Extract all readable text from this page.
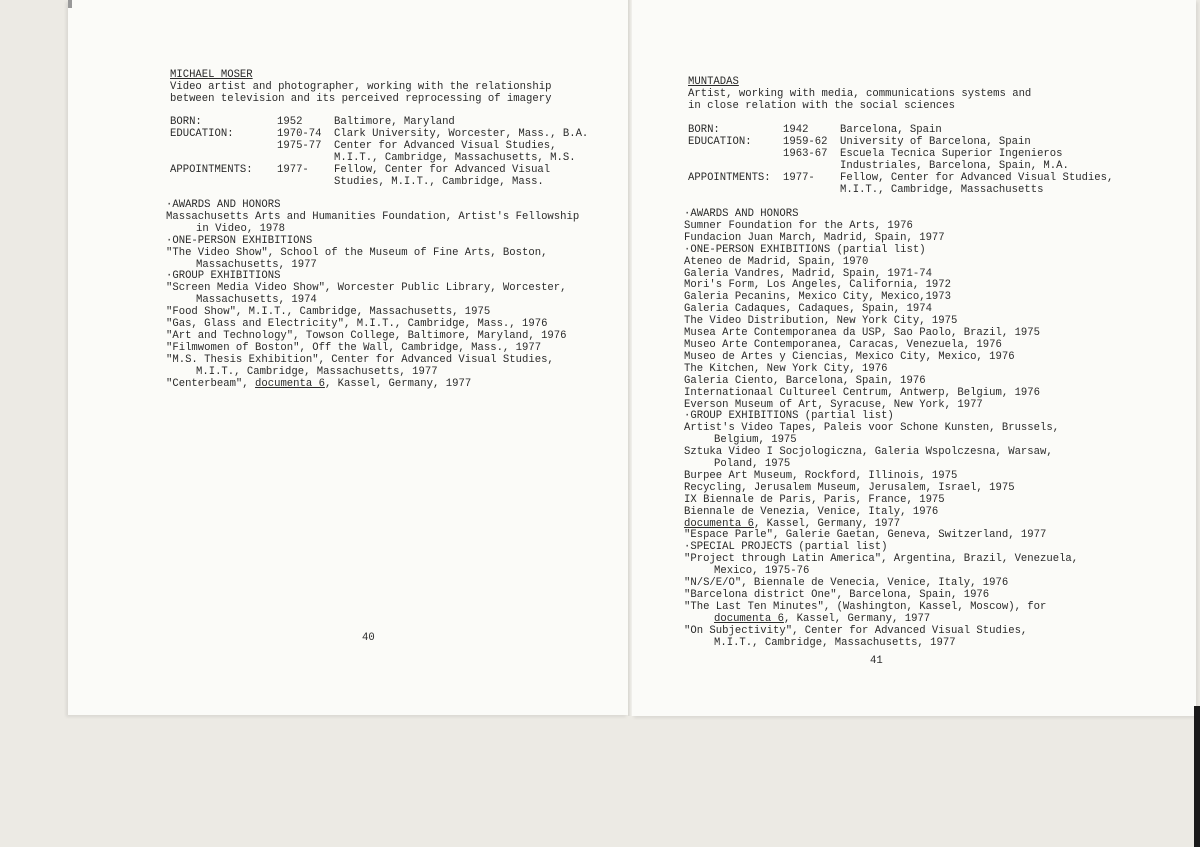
MICHAEL MOSER
Video artist and photographer, working with the relationship
between television and its perceived reprocessing of imagery

BORN:	1952	Baltimore, Maryland
EDUCATION:	1970-74 Clark University, Worcester, Mass., B.A.
1975-77 Center for Advanced Visual Studies,
M.I.T., Cambridge, Massachusetts, M.S.
APPOINTMENTS: 1977- Fellow, Center for Advanced Visual
Studies, M.I.T., Cambridge, Mass.
·AWARDS AND HONORS
Massachusetts Arts and Humanities Foundation, Artist's Fellowship
in Video, 1978
·ONE-PERSON EXHIBITIONS
"The Video Show", School of the Museum of Fine Arts, Boston,
Massachusetts, 1977
·GROUP EXHIBITIONS
"Screen Media Video Show", Worcester Public Library, Worcester,
Massachusetts, 1974
"Food Show", M.I.T., Cambridge, Massachusetts, 1975
"Gas, Glass and Electricity", M.I.T., Cambridge, Mass., 1976
"Art and Technology", Towson College, Baltimore, Maryland, 1976
"Filmwomen of Boston", Off the Wall, Cambridge, Mass., 1977
"M.S. Thesis Exhibition", Center for Advanced Visual Studies,
M.I.T., Cambridge, Massachusetts, 1977
"Centerbeam", documenta 6, Kassel, Germany, 1977
40
MUNTADAS
Artist, working with media, communications systems and
in close relation with the social sciences

BORN:	1942	Barcelona, Spain
EDUCATION:	1959-62 University of Barcelona, Spain
1963-67 Escuela Tecnica Superior Ingenieros
Industriales, Barcelona, Spain, M.A.
APPOINTMENTS: 1977- Fellow, Center for Advanced Visual Studies,
M.I.T., Cambridge, Massachusetts
·AWARDS AND HONORS
Sumner Foundation for the Arts, 1976
Fundacion Juan March, Madrid, Spain, 1977
·ONE-PERSON EXHIBITIONS (partial list)
Ateneo de Madrid, Spain, 1970
Galeria Vandres, Madrid, Spain, 1971-74
Mori's Form, Los Angeles, California, 1972
Galeria Pecanins, Mexico City, Mexico,1973
Galeria Cadaques, Cadaques, Spain, 1974
The Video Distribution, New York City, 1975
Musea Arte Contemporanea da USP, Sao Paolo, Brazil, 1975
Museo Arte Contemporanea, Caracas, Venezuela, 1976
Museo de Artes y Ciencias, Mexico City, Mexico, 1976
The Kitchen, New York City, 1976
Galeria Ciento, Barcelona, Spain, 1976
Internationaal Cultureel Centrum, Antwerp, Belgium, 1976
Everson Museum of Art, Syracuse, New York, 1977
·GROUP EXHIBITIONS (partial list)
Artist's Video Tapes, Paleis voor Schone Kunsten, Brussels,
Belgium, 1975
Sztuka Video I Socjologiczna, Galeria Wspolczesna, Warsaw,
Poland, 1975
Burpee Art Museum, Rockford, Illinois, 1975
Recycling, Jerusalem Museum, Jerusalem, Israel, 1975
IX Biennale de Paris, Paris, France, 1975
Biennale de Venezia, Venice, Italy, 1976
documenta 6, Kassel, Germany, 1977
"Espace Parle", Galerie Gaetan, Geneva, Switzerland, 1977
·SPECIAL PROJECTS (partial list)
"Project through Latin America", Argentina, Brazil, Venezuela,
Mexico, 1975-76
"N/S/E/O", Biennale de Venecia, Venice, Italy, 1976
"Barcelona district One", Barcelona, Spain, 1976
"The Last Ten Minutes", (Washington, Kassel, Moscow), for
documenta 6, Kassel, Germany, 1977
"On Subjectivity", Center for Advanced Visual Studies,
M.I.T., Cambridge, Massachusetts, 1977
41
